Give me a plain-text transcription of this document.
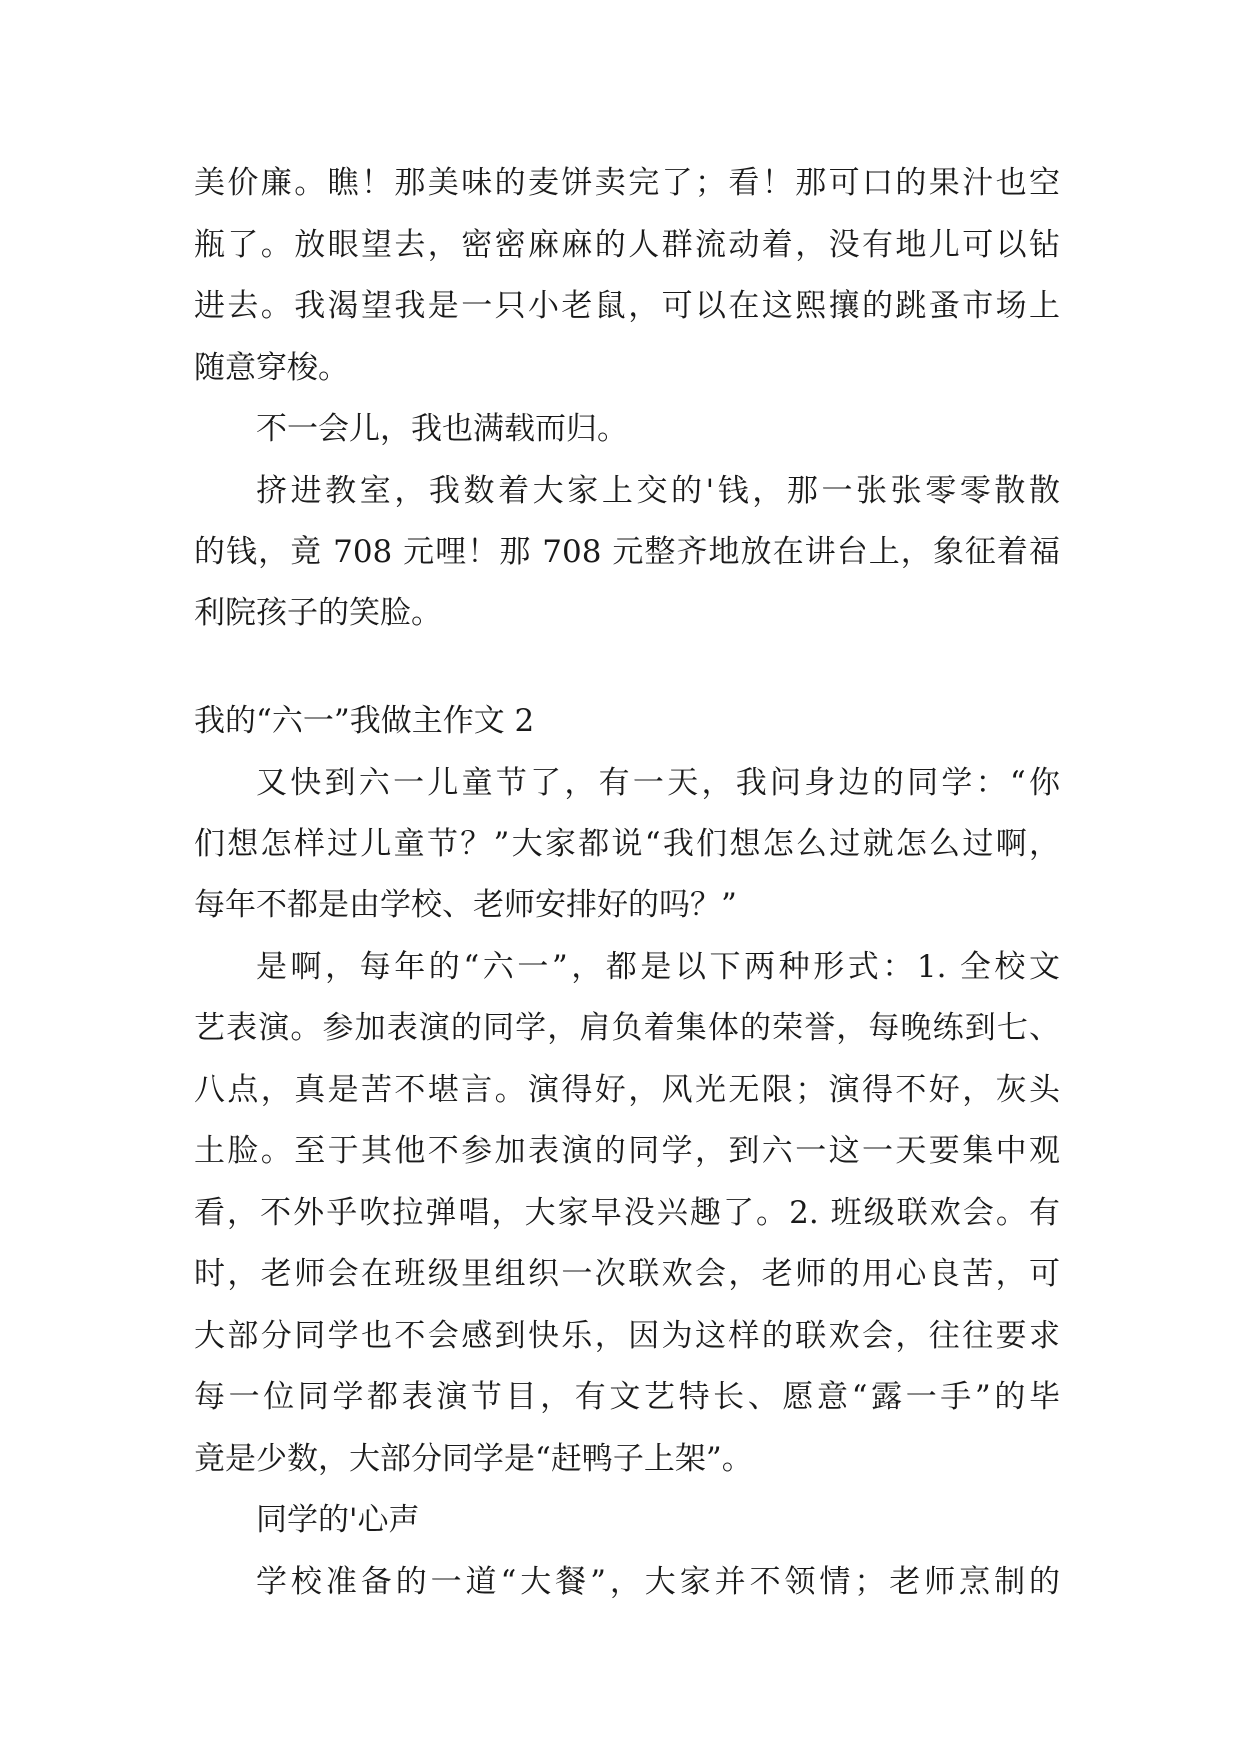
美价廉。瞧！那美味的麦饼卖完了；看！那可口的果汁也空
瓶了。放眼望去，密密麻麻的人群流动着，没有地儿可以钻
进去。我渴望我是一只小老鼠，可以在这熙攘的跳蚤市场上
随意穿梭。
不一会儿，我也满载而归。
挤进教室，我数着大家上交的'钱，那一张张零零散散
的钱，竟 708 元哩！那 708 元整齐地放在讲台上，象征着福
利院孩子的笑脸。
我的“六一”我做主作文 2
又快到六一儿童节了，有一天，我问身边的同学：“你
们想怎样过儿童节？”大家都说“我们想怎么过就怎么过啊，
每年不都是由学校、老师安排好的吗？”
是啊，每年的“六一”，都是以下两种形式：1. 全校文
艺表演。参加表演的同学，肩负着集体的荣誉，每晚练到七、
八点，真是苦不堪言。演得好，风光无限；演得不好，灰头
土脸。至于其他不参加表演的同学，到六一这一天要集中观
看，不外乎吹拉弹唱，大家早没兴趣了。2. 班级联欢会。有
时，老师会在班级里组织一次联欢会，老师的用心良苦，可
大部分同学也不会感到快乐，因为这样的联欢会，往往要求
每一位同学都表演节目，有文艺特长、愿意“露一手”的毕
竟是少数，大部分同学是“赶鸭子上架”。
同学的'心声
学校准备的一道“大餐”，大家并不领情；老师烹制的
